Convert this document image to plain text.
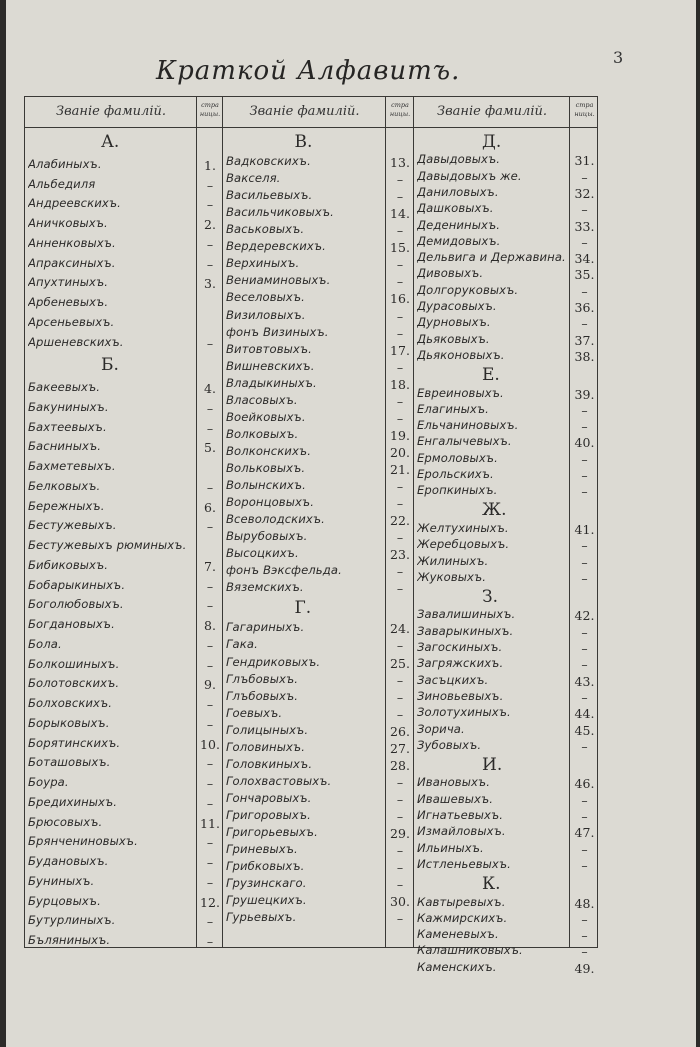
Краткой Алфавитъ.	3
Званіе фамилій.	стра ницы.	Званіе фамилій.	стра ницы.	Званіе фамилій.	стра ницы.
А.
Алабиныхъ.	1.
Альбедиля	–
Андреевскихъ.	–
Аничковыхъ.	2.
Анненковыхъ.	–
Апраксиныхъ.	–
Апухтиныхъ.	3.
Арбеневыхъ.
Арсеньевыхъ.
Аршеневскихъ.	–
Б.
Бакеевыхъ.	4.
Бакуниныхъ.	–
Бахтеевыхъ.	–
Басниныхъ.	5.
Бахметевыхъ.
Белковыхъ.	–
Бережныхъ.	6.
Бестужевыхъ.	–
Бестужевыхъ рюминыхъ.
Бибиковыхъ.	7.
Бобарыкиныхъ.	–
Боголюбовыхъ.	–
Богдановыхъ.	8.
Бола.	–
Болкошиныхъ.	–
Болотовскихъ.	9.
Болховскихъ.	–
Борыковыхъ.	–
Борятинскихъ.	10.
Боташовыхъ.	–
Боура.	–
Бредихиныхъ.	–
Брюсовыхъ.	11.
Брянчениновыхъ.	–
Будановыхъ.	–
Буниныхъ.	–
Бурцовыхъ.	12.
Бутурлиныхъ.	–
Бъляниныхъ.	–
В.
Вадковскихъ.	13.
Вакселя.	–
Васильевыхъ.	–
Васильчиковыхъ.	14.
Васьковыхъ.	–
Вердеревскихъ.	15.
Верхиныхъ.	–
Вениаминовыхъ.	–
Веселовыхъ.	16.
Визиловыхъ.	–
фонъ Визиныхъ.	–
Витовтовыхъ.	17.
Вишневскихъ.	–
Владыкиныхъ.	18.
Власовыхъ.	–
Воейковыхъ.	–
Волковыхъ.	19.
Волконскихъ.	20.
Вольковыхъ.	21.
Волынскихъ.	–
Воронцовыхъ.	–
Всеволодскихъ.	22.
Вырубовыхъ.	–
Высоцкихъ.	23.
фонъ Вэксфельда.	–
Вяземскихъ.	–
Г.
Гагариныхъ.	24.
Гака.	–
Гендриковыхъ.	25.
Глъбовыхъ.	–
Глъбовыхъ.	–
Гоевыхъ.	–
Голицыныхъ.	26.
Головиныхъ.	27.
Головкиныхъ.	28.
Голохвастовыхъ.	–
Гончаровыхъ.	–
Григоровыхъ.	–
Григорьевыхъ.	29.
Гриневыхъ.	–
Грибковыхъ.	–
Грузинскаго.	–
Грушецкихъ.	30.
Гурьевыхъ.	–
Д.
Давыдовыхъ.	31.
Давыдовыхъ же.	–
Даниловыхъ.	32.
Дашковыхъ.	–
Дедениныхъ.	33.
Демидовыхъ.	–
Дельвига и Державина. 34.
Дивовыхъ.	35.
Долгоруковыхъ.	–
Дурасовыхъ.	36.
Дурновыхъ.	–
Дьяковыхъ.	37.
Дьяконовыхъ.	38.
Е.
Евреиновыхъ.	39.
Елагиныхъ.	–
Ельчаниновыхъ.	–
Енгалычевыхъ.	40.
Ермоловыхъ.	–
Ерольскихъ.	–
Еропкиныхъ.	–
Ж.
Желтухиныхъ.	41.
Жеребцовыхъ.	–
Жилиныхъ.	–
Жуковыхъ.	–
З.
Завалишиныхъ.	42.
Заварыкиныхъ.	–
Загоскиныхъ.	–
Загряжскихъ.	–
Засъцкихъ.	43.
Зиновьевыхъ.	–
Золотухиныхъ.	44.
Зорича.	45.
Зубовыхъ.	–
И.
Ивановыхъ.	46.
Ивашевыхъ.	–
Игнатьевыхъ.	–
Измайловыхъ.	47.
Ильиныхъ.	–
Истленьевыхъ.	–
К.
Кавтыревыхъ.	48.
Кажмирскихъ.	–
Каменевыхъ.	–
Калашниковыхъ.	–
Каменскихъ.	49.
